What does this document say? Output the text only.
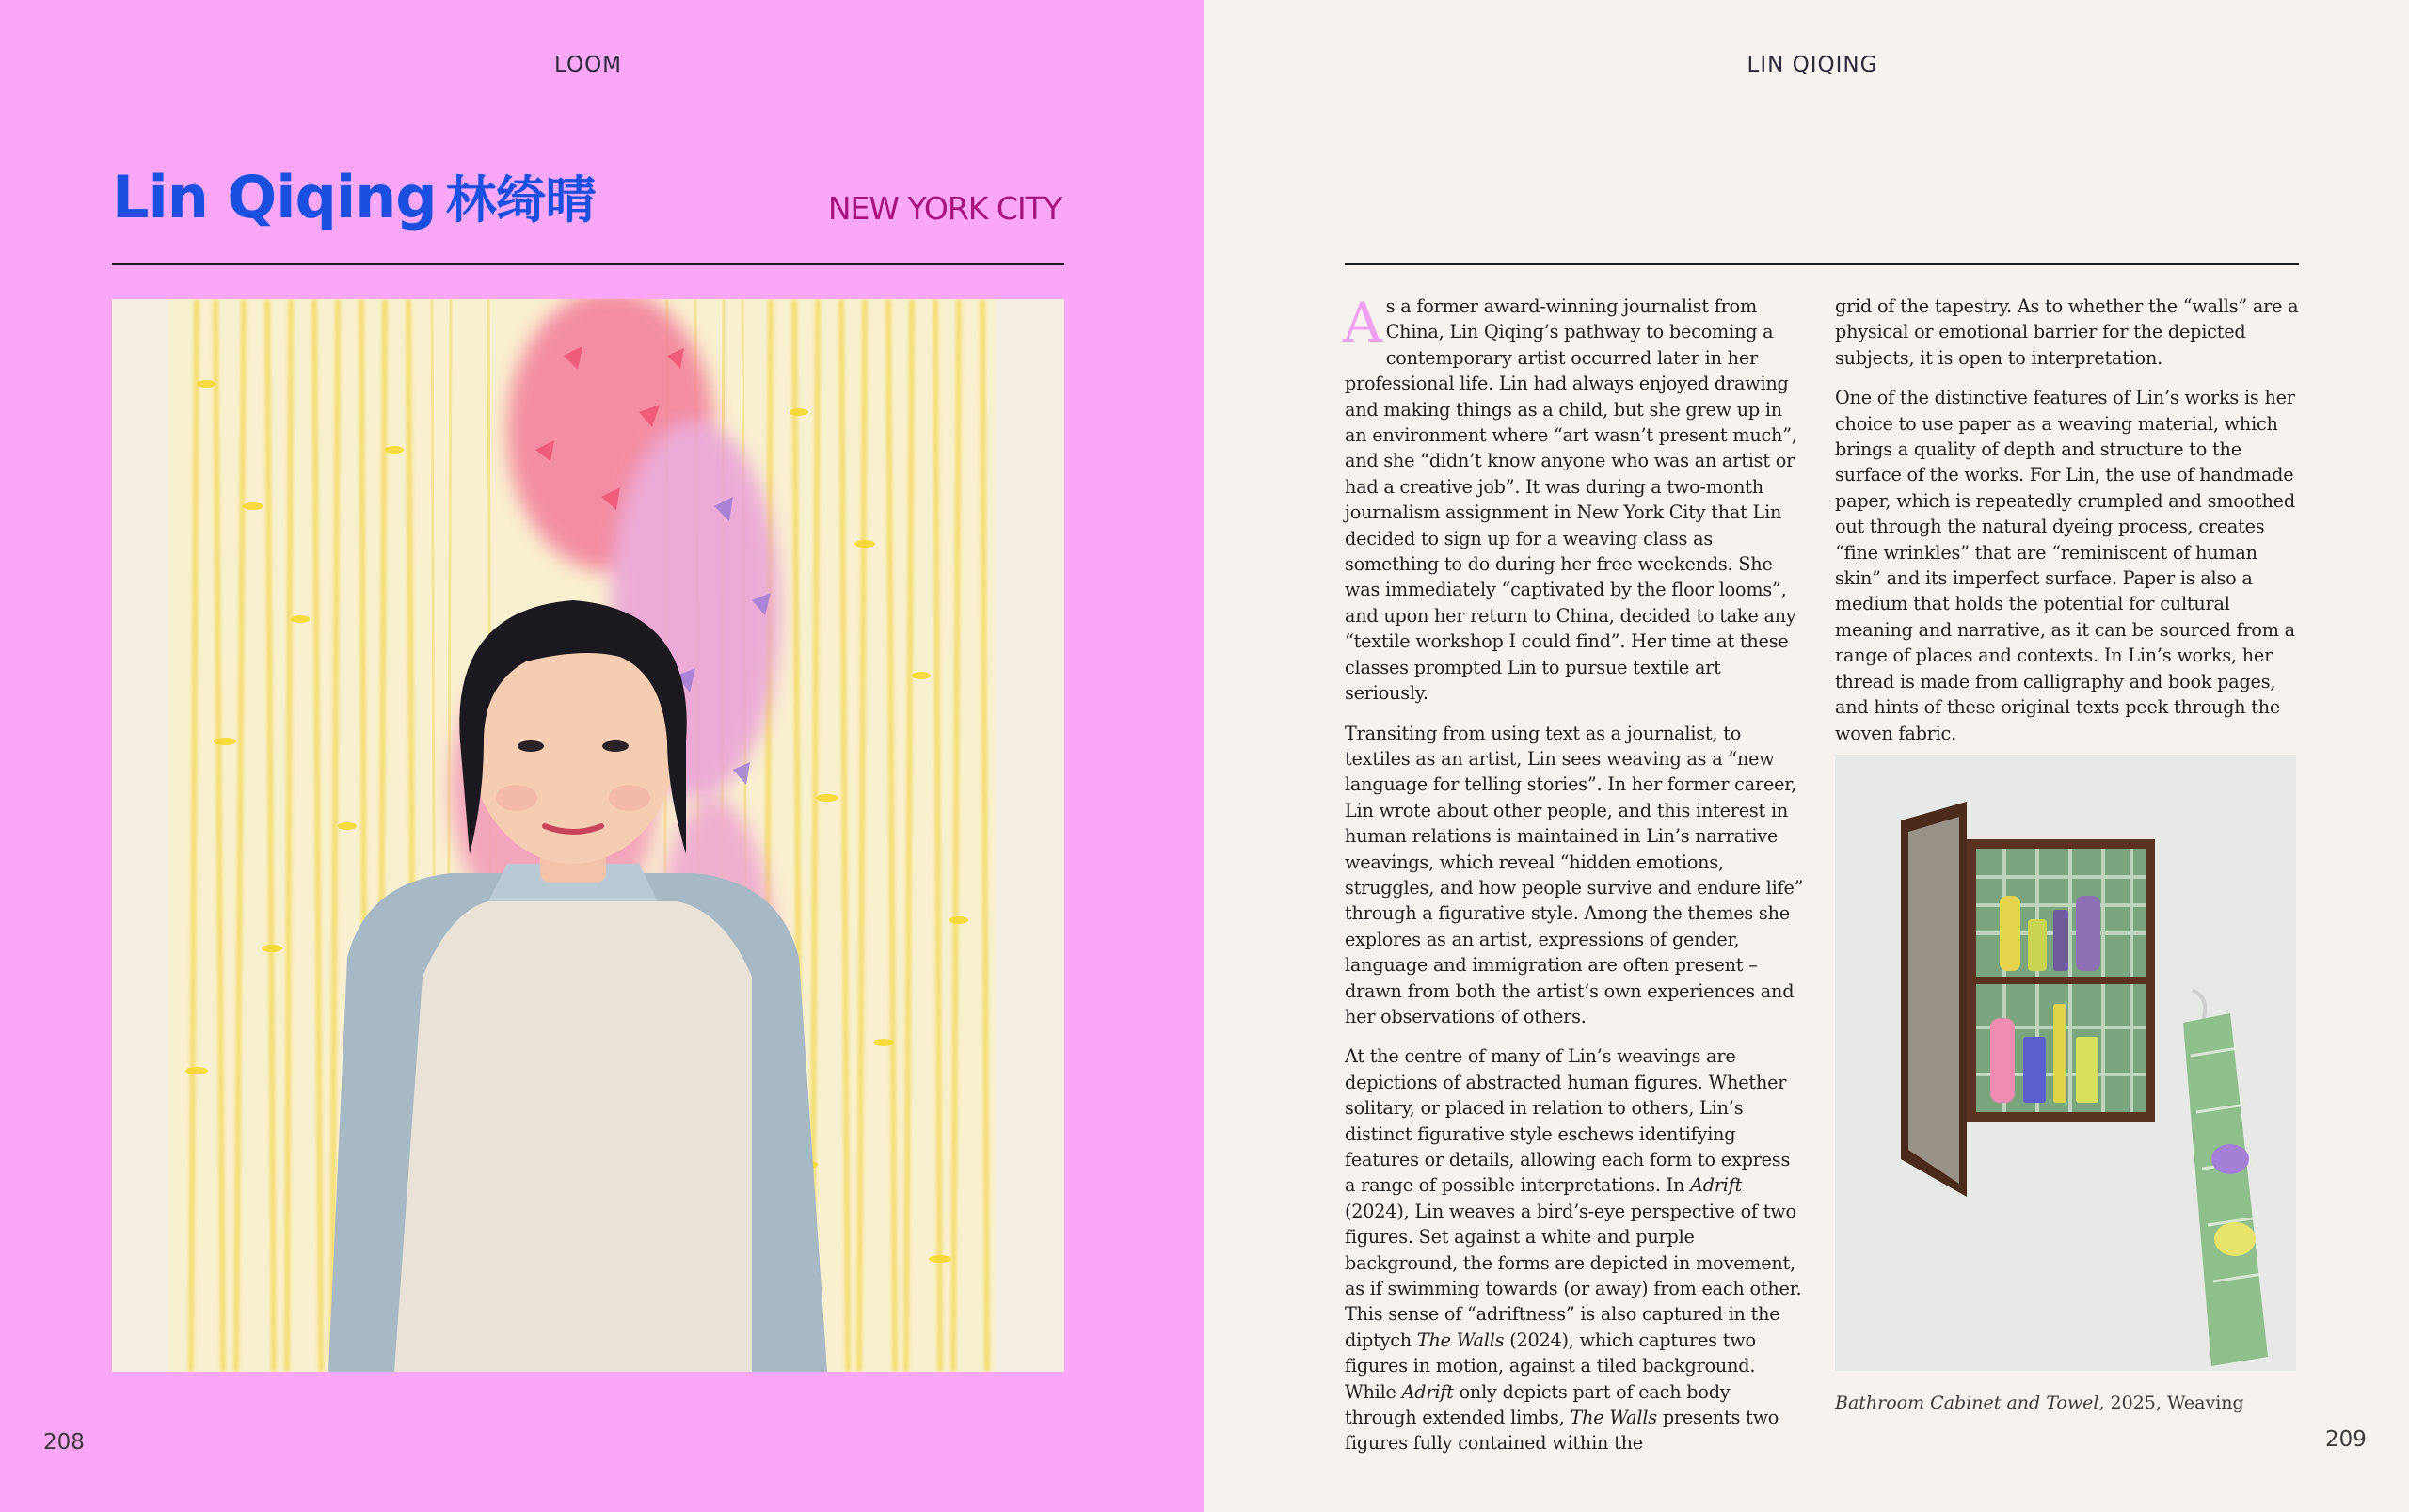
LOOM
Lin Qiqing 林绮晴	NEW YORK CITY
208
LIN QIQING
209

As a former award-winning journalist from China, Lin Qiqing’s pathway to becoming a contemporary artist occurred later in her professional life. Lin had always enjoyed drawing and making things as a child, but she grew up in an environment where “art wasn’t present much”, and she “didn’t know anyone who was an artist or had a creative job”. It was during a two-month journalism assignment in New York City that Lin decided to sign up for a weaving class as something to do during her free weekends. She was immediately “captivated by the floor looms”, and upon her return to China, decided to take any “textile workshop I could find”. Her time at these classes prompted Lin to pursue textile art seriously.

Transiting from using text as a journalist, to textiles as an artist, Lin sees weaving as a “new language for telling stories”. In her former career, Lin wrote about other people, and this interest in human relations is maintained in Lin’s narrative weavings, which reveal “hidden emotions, struggles, and how people survive and endure life” through a figurative style. Among the themes she explores as an artist, expressions of gender, language and immigration are often present – drawn from both the artist’s own experiences and her observations of others.

At the centre of many of Lin’s weavings are depictions of abstracted human figures. Whether solitary, or placed in relation to others, Lin’s distinct figurative style eschews identifying features or details, allowing each form to express a range of possible interpretations. In Adrift (2024), Lin weaves a bird’s-eye perspective of two figures. Set against a white and purple background, the forms are depicted in movement, as if swimming towards (or away) from each other. This sense of “adriftness” is also captured in the diptych The Walls (2024), which captures two figures in motion, against a tiled background. While Adrift only depicts part of each body through extended limbs, The Walls presents two figures fully contained within the

grid of the tapestry. As to whether the “walls” are a physical or emotional barrier for the depicted subjects, it is open to interpretation.

One of the distinctive features of Lin’s works is her choice to use paper as a weaving material, which brings a quality of depth and structure to the surface of the works. For Lin, the use of handmade paper, which is repeatedly crumpled and smoothed out through the natural dyeing process, creates “fine wrinkles” that are “reminiscent of human skin” and its imperfect surface. Paper is also a medium that holds the potential for cultural meaning and narrative, as it can be sourced from a range of places and contexts. In Lin’s works, her thread is made from calligraphy and book pages, and hints of these original texts peek through the woven fabric.

Bathroom Cabinet and Towel, 2025, Weaving
